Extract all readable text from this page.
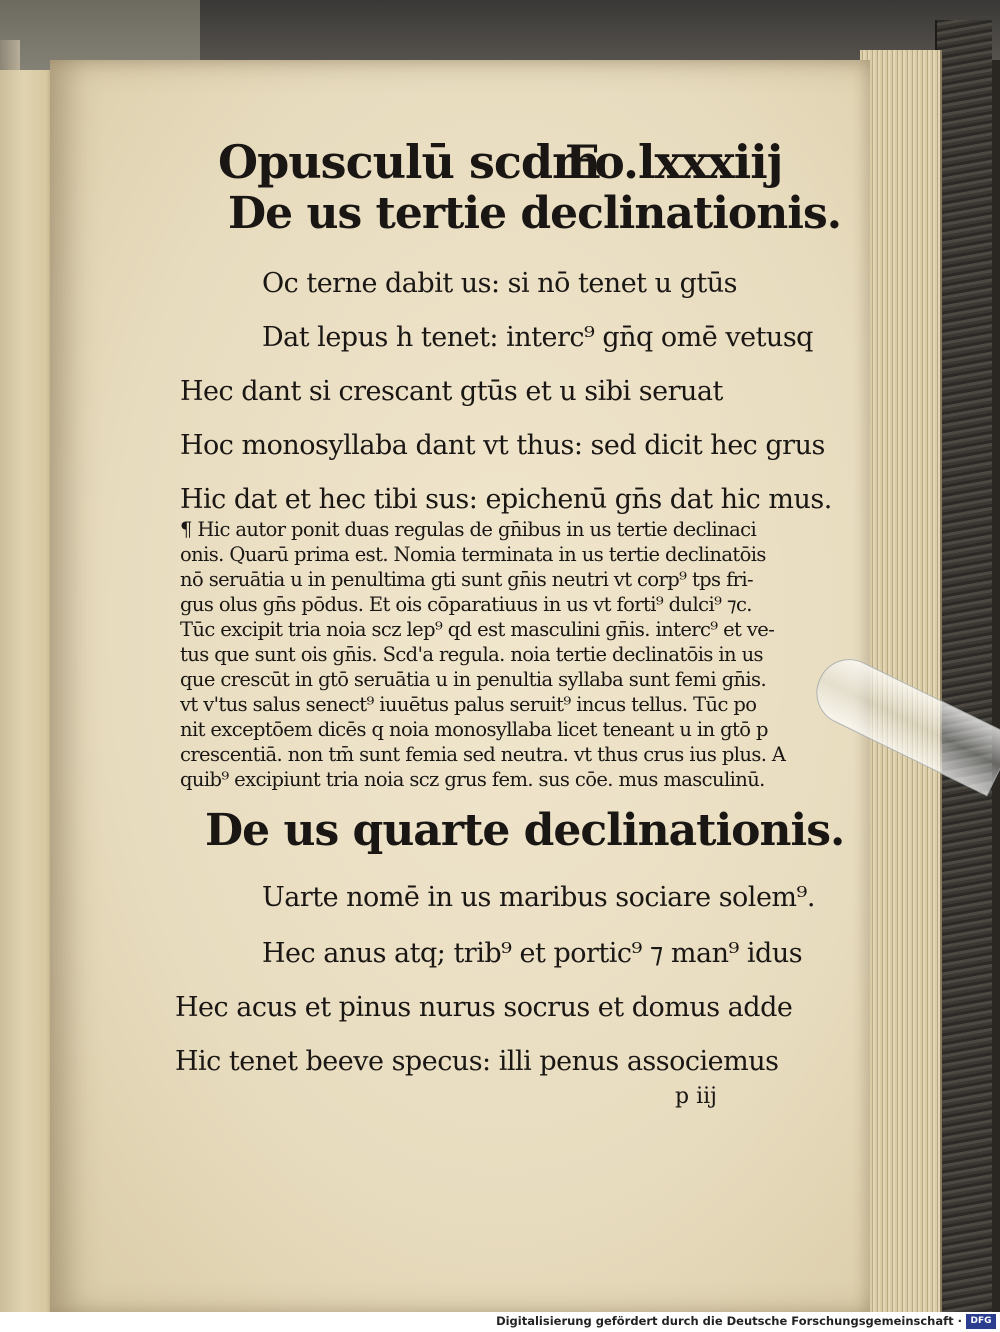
Opusculū scdm
Fo.lxxxiij
De us tertie declinationis.
Oc terne dabit us: si nō tenet u gtūs
Dat lepus h tenet: interc⁹ gn̄q omē vetusq
Hec dant si crescant gtūs et u sibi seruat
Hoc monosyllaba dant vt thus: sed dicit hec grus
Hic dat et hec tibi sus: epichenū gn̄s dat hic mus.
¶ Hic autor ponit duas regulas de gn̄ibus in us tertie declinaci
onis. Quarū prima est. Nomia terminata in us tertie declinatōis
nō seruātia u in penultima gti sunt gn̄is neutri vt corp⁹ tps fri-
gus olus gn̄s pōdus. Et ois cōparatiuus in us vt forti⁹ dulci⁹ ⁊c.
Tūc excipit tria noia scz lep⁹ qd est masculini gn̄is. interc⁹ et ve-
tus que sunt ois gn̄is. Scd'a regula. noia tertie declinatōis in us
que crescūt in gtō seruātia u in penultia syllaba sunt femi gn̄is.
vt v'tus salus senect⁹ iuuētus palus seruit⁹ incus tellus. Tūc po
nit exceptōem dicēs q noia monosyllaba licet teneant u in gtō p
crescentiā. non tm̄ sunt femia sed neutra. vt thus crus ius plus. A
quib⁹ excipiunt tria noia scz grus fem. sus cōe. mus masculinū.
De us quarte declinationis.
Uarte nomē in us maribus sociare solem⁹.
Hec anus atq; trib⁹ et portic⁹ ⁊ man⁹ idus
Hec acus et pinus nurus socrus et domus adde
Hic tenet beeve specus: illi penus associemus
p iij
Digitalisierung gefördert durch die Deutsche Forschungsgemeinschaft · DFG
